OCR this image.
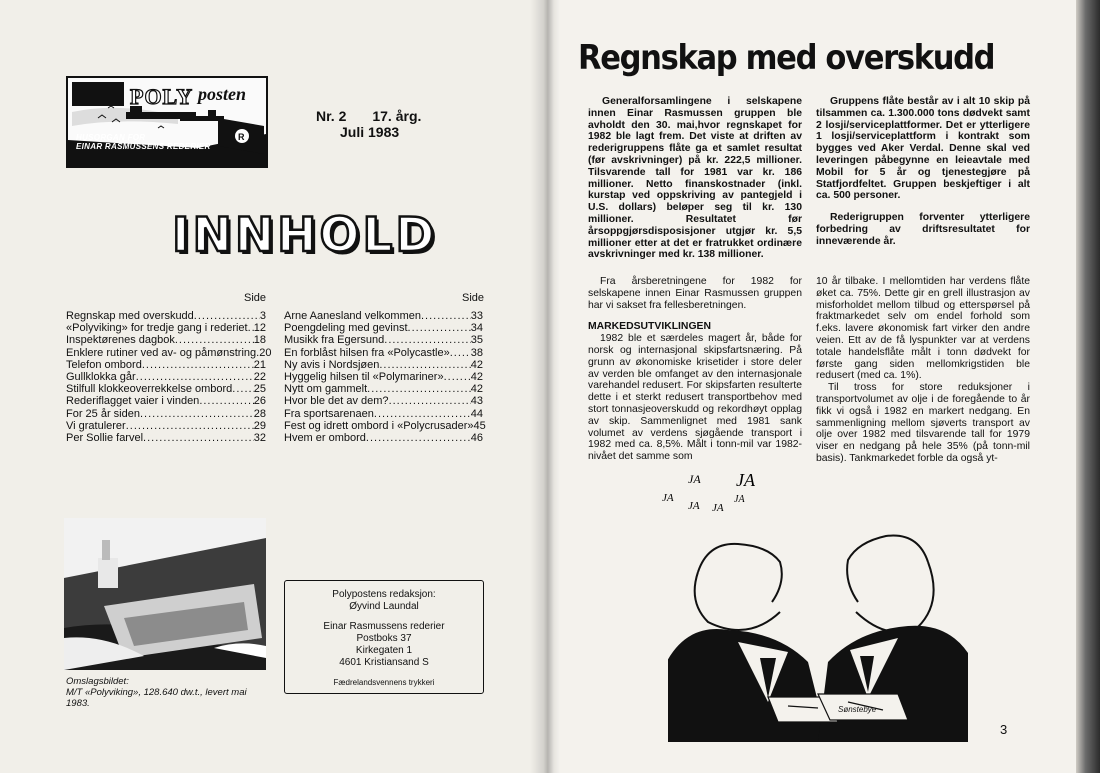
R
POLY posten
HUSORGAN FOR
EINAR RASMUSSENS REDERIER
Nr. 2 17. årg.
Juli 1983
INNHOLD
Side	Side
Regnskap med overskudd .....	3
«Polyviking» for tredje gang i rederiet ..... 12
Inspektørenes dagbok .....	18
Enklere rutiner ved av- og påmønstring. 20
Telefon ombord .....	21
Gullklokka går .....	22
Stilfull klokkeoverrekkelse ombord ..... 25
Rederiflagget vaier i vinden .....	26
For 25 år siden .....	28
Vi gratulerer .....	29
Per Sollie farvel .....	32
Arne Aanesland velkommen .....	33
Poengdeling med gevinst .....	34
Musikk fra Egersund .....	35
En forblåst hilsen fra «Polycastle» ..... 38
Ny avis i Nordsjøen .....	42
Hyggelig hilsen til «Polymariner» ..... 42
Nytt om gammelt .....	42
Hvor ble det av dem? .....	43
Fra sportsarenaen .....	44
Fest og idrett ombord i «Polycrusader» 45
Hvem er ombord .....	46
Omslagsbildet:
M/T «Polyviking», 128.640 dw.t., levert mai
1983.
Polypostens redaksjon:
Øyvind Laundal
Einar Rasmussens rederier
Postboks 37
Kirkegaten 1
4601 Kristiansand S
Fædrelandsvennens trykkeri
Regnskap med overskudd

Generalforsamlingene i selskapene innen Einar Rasmussen gruppen ble avholdt den 30. mai,hvor regnskapet for 1982 ble lagt frem. Det viste at driften av rederigruppens flåte ga et samlet resultat (før avskrivninger) på kr. 222,5 millioner. Tilsvarende tall for 1981 var kr. 186 millioner. Netto finanskostnader (inkl. kurstap ved oppskriving av pantegjeld i U.S. dollars) beløper seg til kr. 130 millioner. Resultatet før årsoppgjørsdisposisjoner utgjør kr. 5,5 millioner etter at det er fratrukket ordinære avskrivninger med kr. 138 millioner.

Gruppens flåte består av i alt 10 skip på tilsammen ca. 1.300.000 tons dødvekt samt 2 losji/serviceplattformer. Det er ytterligere 1 losji/serviceplattform i kontrakt som bygges ved Aker Verdal. Denne skal ved leveringen påbegynne en leieavtale med Mobil for 5 år og tjenestegjøre på Statfjordfeltet. Gruppen beskjeftiger i alt ca. 500 personer.

Rederigruppen forventer ytterligere forbedring av driftsresultatet for inneværende år.

Fra årsberetningene for 1982 for selskapene innen Einar Rasmussen gruppen har vi sakset fra fellesberetningen.

MARKEDSUTVIKLINGEN

1982 ble et særdeles magert år, både for norsk og internasjonal skipsfartsnæring. På grunn av økonomiske krisetider i store deler av verden ble omfanget av den internasjonale varehandel redusert. For skipsfarten resulterte dette i et sterkt redusert transportbehov med stort tonnasjeoverskudd og rekordhøyt opplag av skip. Sammenlignet med 1981 sank volumet av verdens sjøgående transport i 1982 med ca. 8,5%. Målt i tonn-mil var 1982-nivået det samme som

10 år tilbake. I mellomtiden har verdens flåte øket ca. 75%. Dette gir en grell illustrasjon av misforholdet mellom tilbud og etterspørsel på fraktmarkedet selv om endel forhold som f.eks. lavere økonomisk fart virker den andre veien. Ett av de få lyspunkter var at verdens totale handelsflåte målt i tonn dødvekt for første gang siden mellomkrigstiden ble redusert (med ca. 1%).

Til tross for store reduksjoner i transportvolumet av olje i de foregående to år fikk vi også i 1982 en markert nedgang. En sammenligning mellom sjøverts transport av olje over 1982 med tilsvarende tall for 1979 viser en nedgang på hele 35% (på tonn-mil basis). Tankmarkedet forble da også yt-

JA JA
JA
JA JA
JA
Sønstebye
3
